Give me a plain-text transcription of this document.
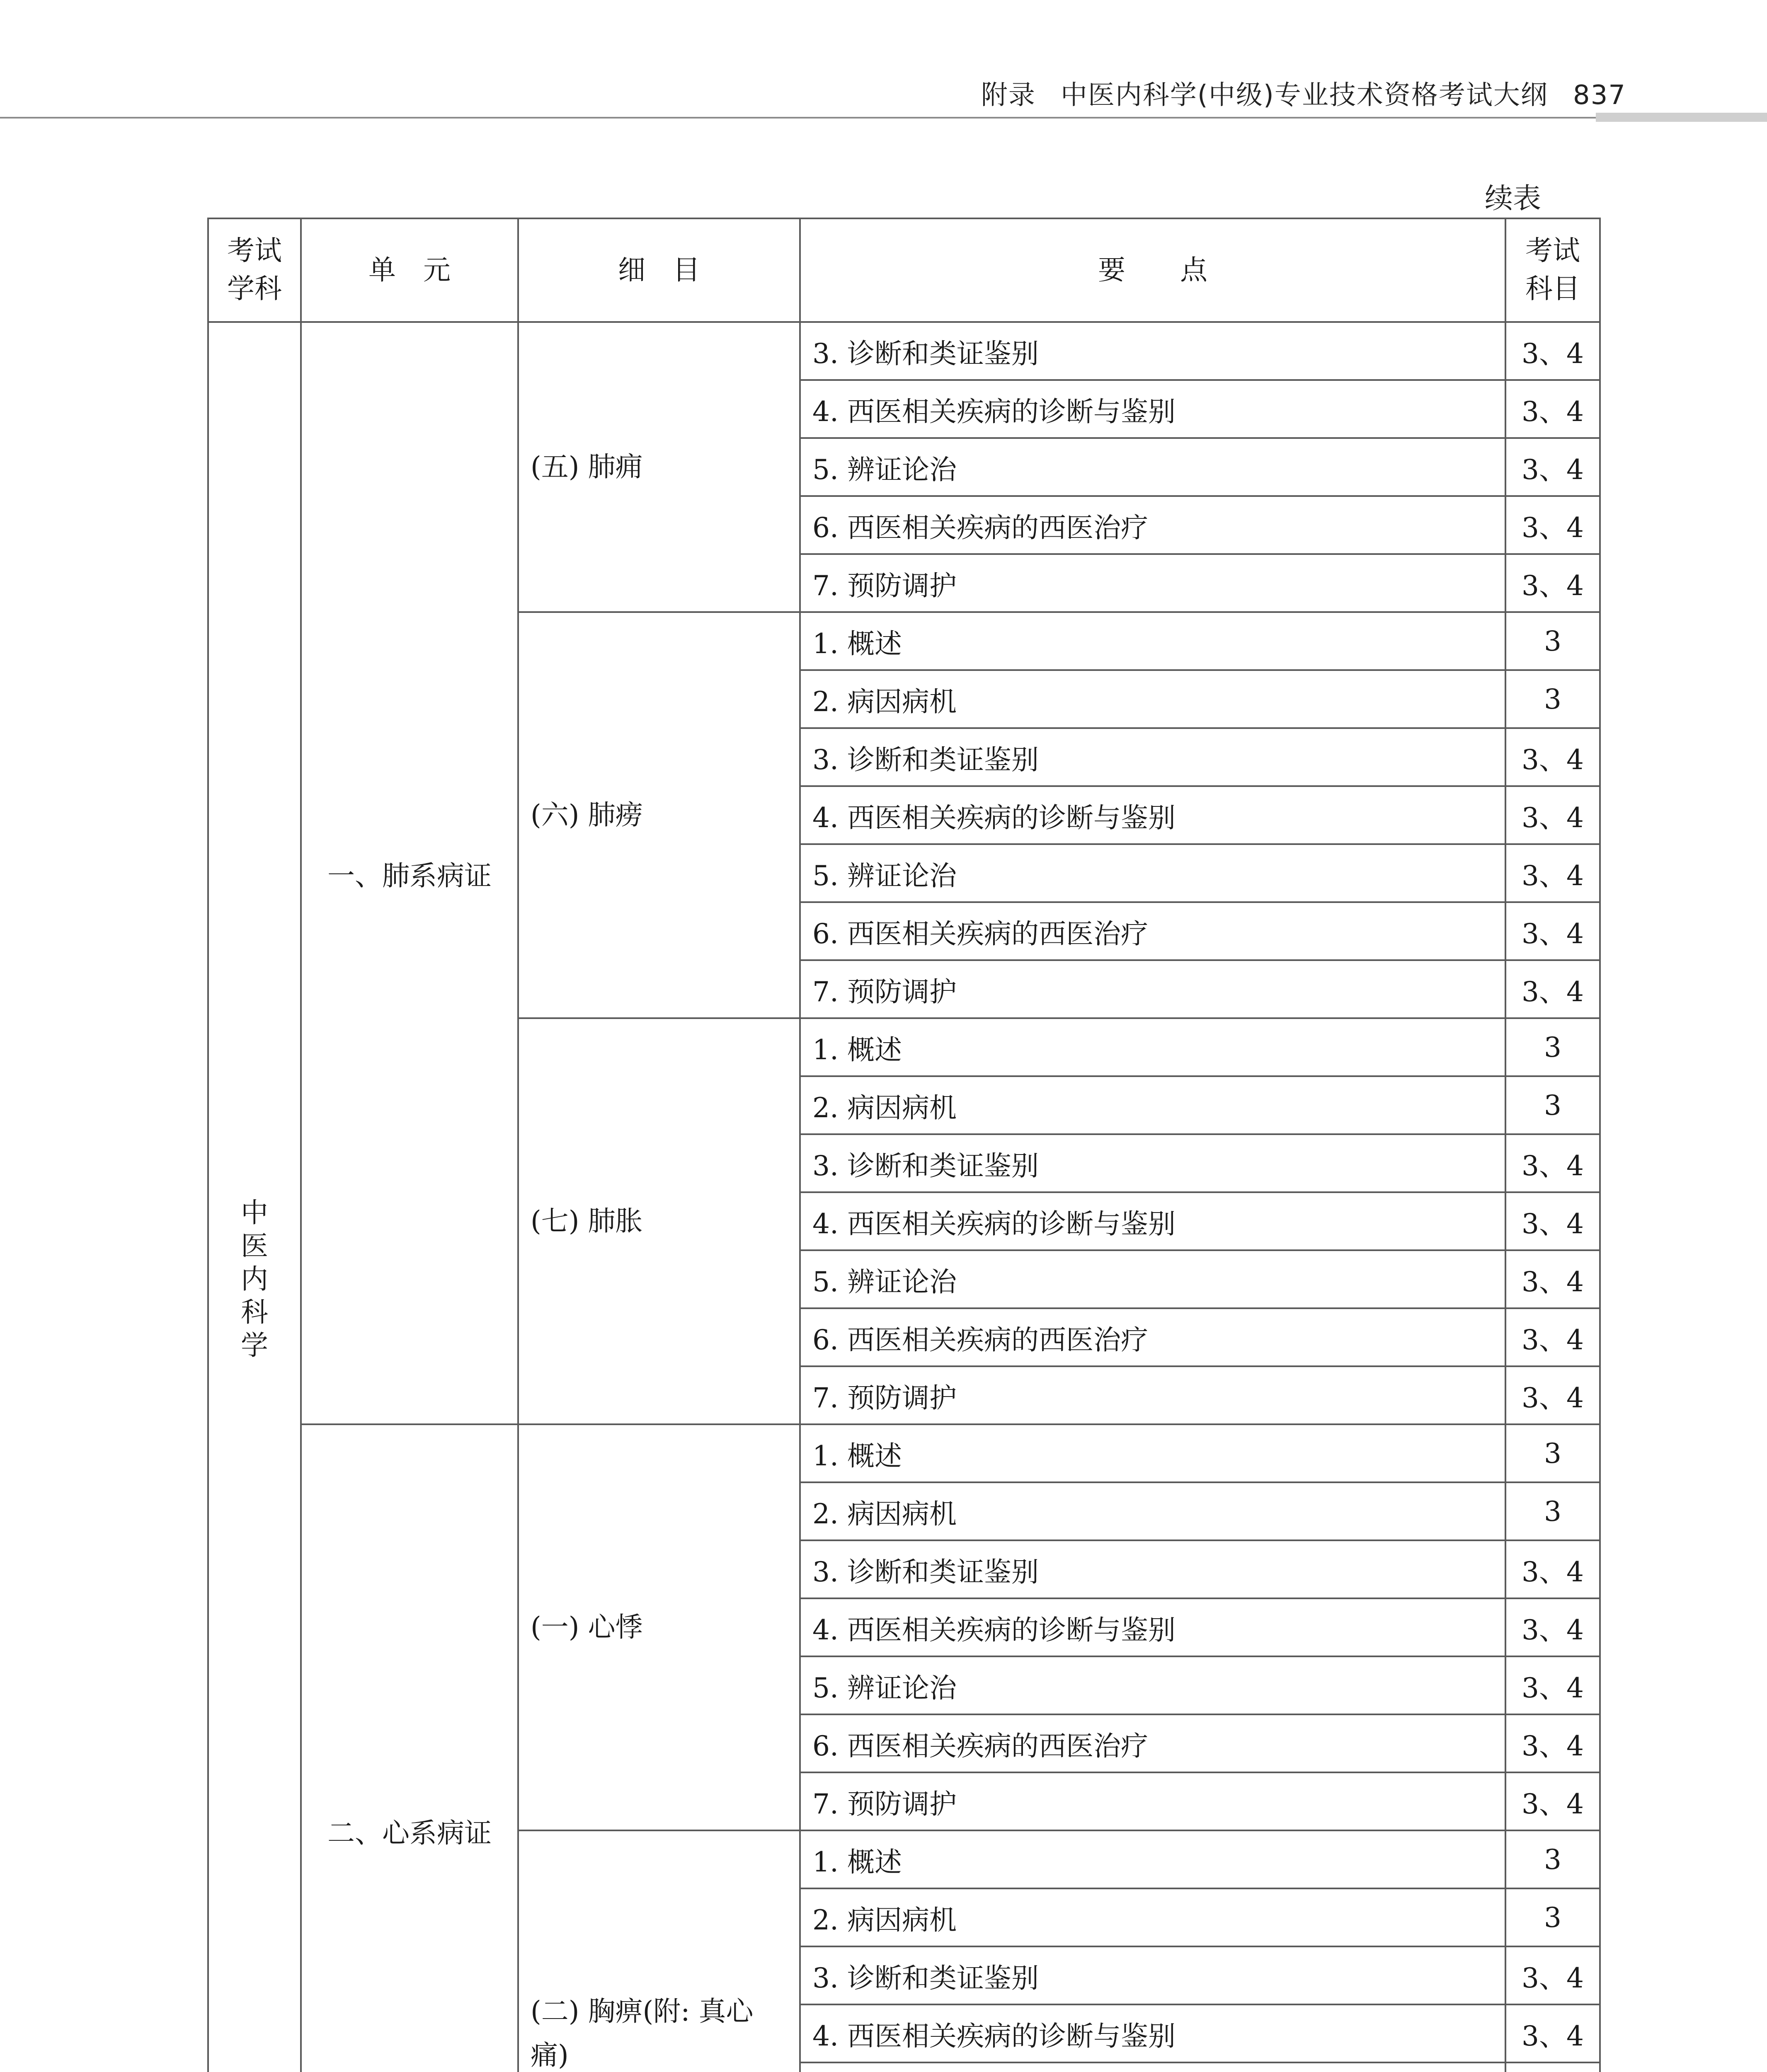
附录 中医内科学(中级)专业技术资格考试大纲 837
续表
考试学科	单　元	细　目	要　　点	考试科目
中医内科学	一、肺系病证	(五) 肺痈	3. 诊断和类证鉴别	3、4
			4. 西医相关疾病的诊断与鉴别	3、4
			5. 辨证论治	3、4
			6. 西医相关疾病的西医治疗	3、4
			7. 预防调护	3、4
		(六) 肺痨	1. 概述	3
			2. 病因病机	3
			3. 诊断和类证鉴别	3、4
			4. 西医相关疾病的诊断与鉴别	3、4
			5. 辨证论治	3、4
			6. 西医相关疾病的西医治疗	3、4
			7. 预防调护	3、4
		(七) 肺胀	1. 概述	3
			2. 病因病机	3
			3. 诊断和类证鉴别	3、4
			4. 西医相关疾病的诊断与鉴别	3、4
			5. 辨证论治	3、4
			6. 西医相关疾病的西医治疗	3、4
			7. 预防调护	3、4
	二、心系病证	(一) 心悸	1. 概述	3
			2. 病因病机	3
			3. 诊断和类证鉴别	3、4
			4. 西医相关疾病的诊断与鉴别	3、4
			5. 辨证论治	3、4
			6. 西医相关疾病的西医治疗	3、4
			7. 预防调护	3、4
		(二) 胸痹(附: 真心痛)	1. 概述	3
			2. 病因病机	3
			3. 诊断和类证鉴别	3、4
			4. 西医相关疾病的诊断与鉴别	3、4
